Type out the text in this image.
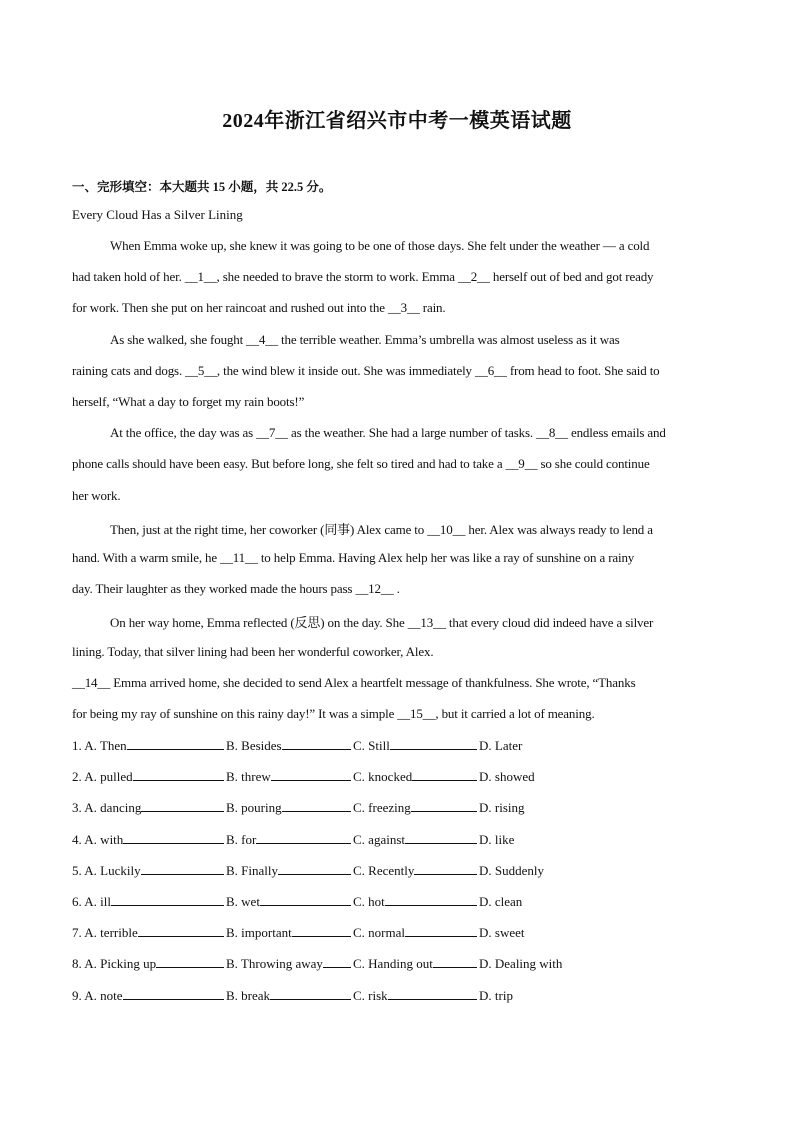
2024年浙江省绍兴市中考一模英语试题
一、完形填空：本大题共 15 小题，共 22.5 分。
Every Cloud Has a Silver Lining
When Emma woke up, she knew it was going to be one of those days. She felt under the weather — a cold
had taken hold of her. __1__, she needed to brave the storm to work. Emma __2__ herself out of bed and got ready
for work. Then she put on her raincoat and rushed out into the __3__ rain.
As she walked, she fought __4__ the terrible weather. Emma’s umbrella was almost useless as it was
raining cats and dogs. __5__, the wind blew it inside out. She was immediately __6__ from head to foot. She said to
herself, “What a day to forget my rain boots!”
At the office, the day was as __7__ as the weather. She had a large number of tasks. __8__ endless emails and
phone calls should have been easy. But before long, she felt so tired and had to take a __9__ so she could continue
her work.
Then, just at the right time, her coworker (同事) Alex came to __10__ her. Alex was always ready to lend a
hand. With a warm smile, he __11__ to help Emma. Having Alex help her was like a ray of sunshine on a rainy
day. Their laughter as they worked made the hours pass __12__ .
On her way home, Emma reflected (反思) on the day. She __13__ that every cloud did indeed have a silver
lining. Today, that silver lining had been her wonderful coworker, Alex.
__14__ Emma arrived home, she decided to send Alex a heartfelt message of thankfulness. She wrote, “Thanks
for being my ray of sunshine on this rainy day!” It was a simple __15__, but it carried a lot of meaning.
1. A. Then	B. Besides	C. Still	D. Later
2. A. pulled	B. threw	C. knocked	D. showed
3. A. dancing	B. pouring	C. freezing	D. rising
4. A. with	B. for	C. against	D. like
5. A. Luckily	B. Finally	C. Recently	D. Suddenly
6. A. ill	B. wet	C. hot	D. clean
7. A. terrible	B. important	C. normal	D. sweet
8. A. Picking up	B. Throwing away	C. Handing out	D. Dealing with
9. A. note	B. break	C. risk	D. trip
